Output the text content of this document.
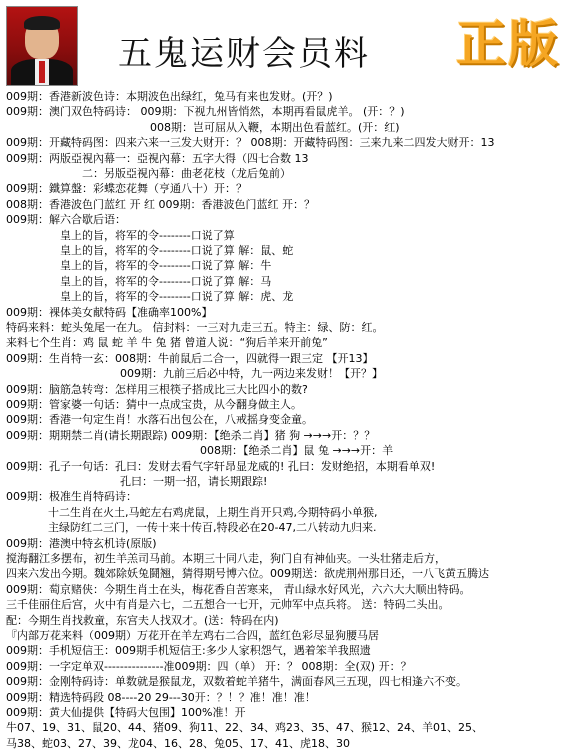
五鬼运财会员料 正版
009期：香港新波色诗：本期波色出绿红，兔马有来也发财。(开？)
009期：澳门双色特码诗： 009期：下视九州皆悄然，本期再看鼠虎羊。 (开：？)
008期：岂可屈从入鞭，本期出色看蓝红。(开：红)
009期：开藏特码图：四来六来一三发大财开：？ 008期：开藏特码图：三来九来二四发大财开：13
009期：两版亞視內幕一：亞視內幕：五字大得（四七合数 13
二：另版亞視內幕：曲老花枝（龙后兔前）
009期：鐵算盤：彩蝶恋花舞（亨通八十）开：？
008期：香港波色门蓝红 开 红 009期：香港波色门蓝红 开：？
009期：解六合歇后语：
皇上的旨，将军的令--------口说了算
皇上的旨，将军的令--------口说了算 解：鼠、蛇
皇上的旨，将军的令--------口说了算 解：牛
皇上的旨，将军的令--------口说了算 解：马
皇上的旨，将军的令--------口说了算 解：虎、龙
009期：裸体美女献特码【准确率100%】
特码来料：蛇头兔尾一在九。 信封料：一三对九走三五。特主：绿、防：红。
来料七个生肖：鸡 鼠 蛇 羊 牛 兔 猪 曾道人说：“狗后羊来开前兔”
009期：生肖特一玄：008期：牛前鼠后二合一，四就得一跟三定 【开13】
009期：九前三后必中特，九一两边来发财！【开？】
009期：脑筋急转弯：怎样用三根筷子搭成比三大比四小的数?
009期：管家婆一句话：猜中一点成宝贵，从今翻身做主人。
009期：香港一句定生肖！水落石出包公在，八戒摇身变金童。
009期：期期禁二肖(请长期跟踪) 009期：【绝杀二肖】猪 狗 →→→开：？？
008期：【绝杀二肖】鼠 兔 →→→开：羊
009期：孔子一句话：孔曰：发财去看气字轩昂显龙威的! 孔曰：发财绝招，本期看单双!
孔曰：一期一招，请长期跟踪!
009期：极准生肖特码诗：
十二生肖在火土,马蛇左右鸡虎鼠，上期生肖开只鸡,今期特码小单猴,
主绿防红二三门，一传十来十传百,特段必在20-47,二八转动九归来.
009期：港澳中特玄机诗(原版)
搅海翻江多摆布，初生羊羔司马前。本期三十同八走，狗门自有神仙夹。一头壮猪走后方，
四来六发出今期。魏郊除妖兔鬪翘，猜得期号博六位。009期送：欲虎荆州那日还，一八飞黄五腾达
009期：萄京赌侠：今期生肖土在头，梅花香自苦寒来， 青山绿水好风光，六六大大顺出特码。
三千佳丽住后宫，火中有肖是六七，二五想合一七开，元帅军中点兵将。 送：特码二头出。
配：今期生肖找救童，东宫夫人找双才。(送：特码在内)
『内部万花来料（009期）万花开在羊左鸡右二合四，蓝红色彩尽显狗腰马居
009期：手机短信王：009期手机短信王:多少人家积怨气，遇着笨羊我照遗
009期：一字定单双---------------准009期：四（单） 开：？ 008期：全(双) 开：？
009期：金刚特码诗：单数就是猴鼠龙，双数着蛇羊猪牛，满面春风三五现，四七相逢六不变。
009期：精选特码段 08----20 29---30开：？！？准！准！准！
009期：黄大仙提供【特码大包围】100%准！开
牛07、19、31、鼠20、44、猪09、狗11、22、34、鸡23、35、47、猴12、24、羊01、25、
马38、蛇03、27、39、龙04、16、28、兔05、17、41、虎18、30
